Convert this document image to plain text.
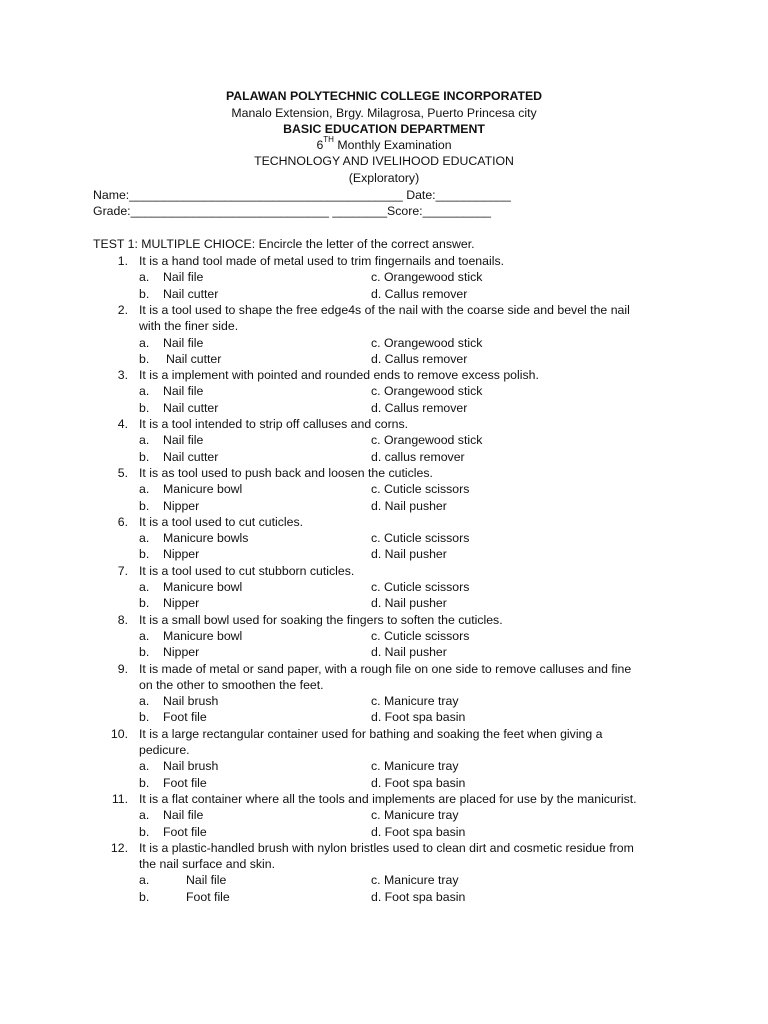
PALAWAN POLYTECHNIC COLLEGE INCORPORATED
Manalo Extension, Brgy. Milagrosa, Puerto Princesa city
BASIC EDUCATION DEPARTMENT
6TH Monthly Examination
TECHNOLOGY AND IVELIHOOD EDUCATION
(Exploratory)
Name:________________________________________ Date:___________
Grade:_____________________________ ________Score:__________
TEST 1: MULTIPLE CHIOCE: Encircle the letter of the correct answer.
1. It is a hand tool made of metal used to trim fingernails and toenails.
a. Nail file	c. Orangewood stick
b. Nail cutter	d. Callus remover
2. It is a tool used to shape the free edge4s of the nail with the coarse side and bevel the nail
with the finer side.
a. Nail file	c. Orangewood stick
b. Nail cutter	d. Callus remover
3. It is a implement with pointed and rounded ends to remove excess polish.
a. Nail file	c. Orangewood stick
b. Nail cutter	d. Callus remover
4. It is a tool intended to strip off calluses and corns.
a. Nail file	c. Orangewood stick
b. Nail cutter	d. callus remover
5. It is as tool used to push back and loosen the cuticles.
a. Manicure bowl	c. Cuticle scissors
b. Nipper	d. Nail pusher
6. It is a tool used to cut cuticles.
a. Manicure bowls	c. Cuticle scissors
b. Nipper	d. Nail pusher
7. It is a tool used to cut stubborn cuticles.
a. Manicure bowl	c. Cuticle scissors
b. Nipper	d. Nail pusher
8. It is a small bowl used for soaking the fingers to soften the cuticles.
a. Manicure bowl	c. Cuticle scissors
b. Nipper	d. Nail pusher
9. It is made of metal or sand paper, with a rough file on one side to remove calluses and fine
on the other to smoothen the feet.
a. Nail brush	c. Manicure tray
b. Foot file	d. Foot spa basin
10. It is a large rectangular container used for bathing and soaking the feet when giving a
pedicure.
a. Nail brush	c. Manicure tray
b. Foot file	d. Foot spa basin
11. It is a flat container where all the tools and implements are placed for use by the manicurist.
a. Nail file	c. Manicure tray
b. Foot file	d. Foot spa basin
12. It is a plastic-handled brush with nylon bristles used to clean dirt and cosmetic residue from
the nail surface and skin.
a.	Nail file	c. Manicure tray
b.	Foot file	d. Foot spa basin
